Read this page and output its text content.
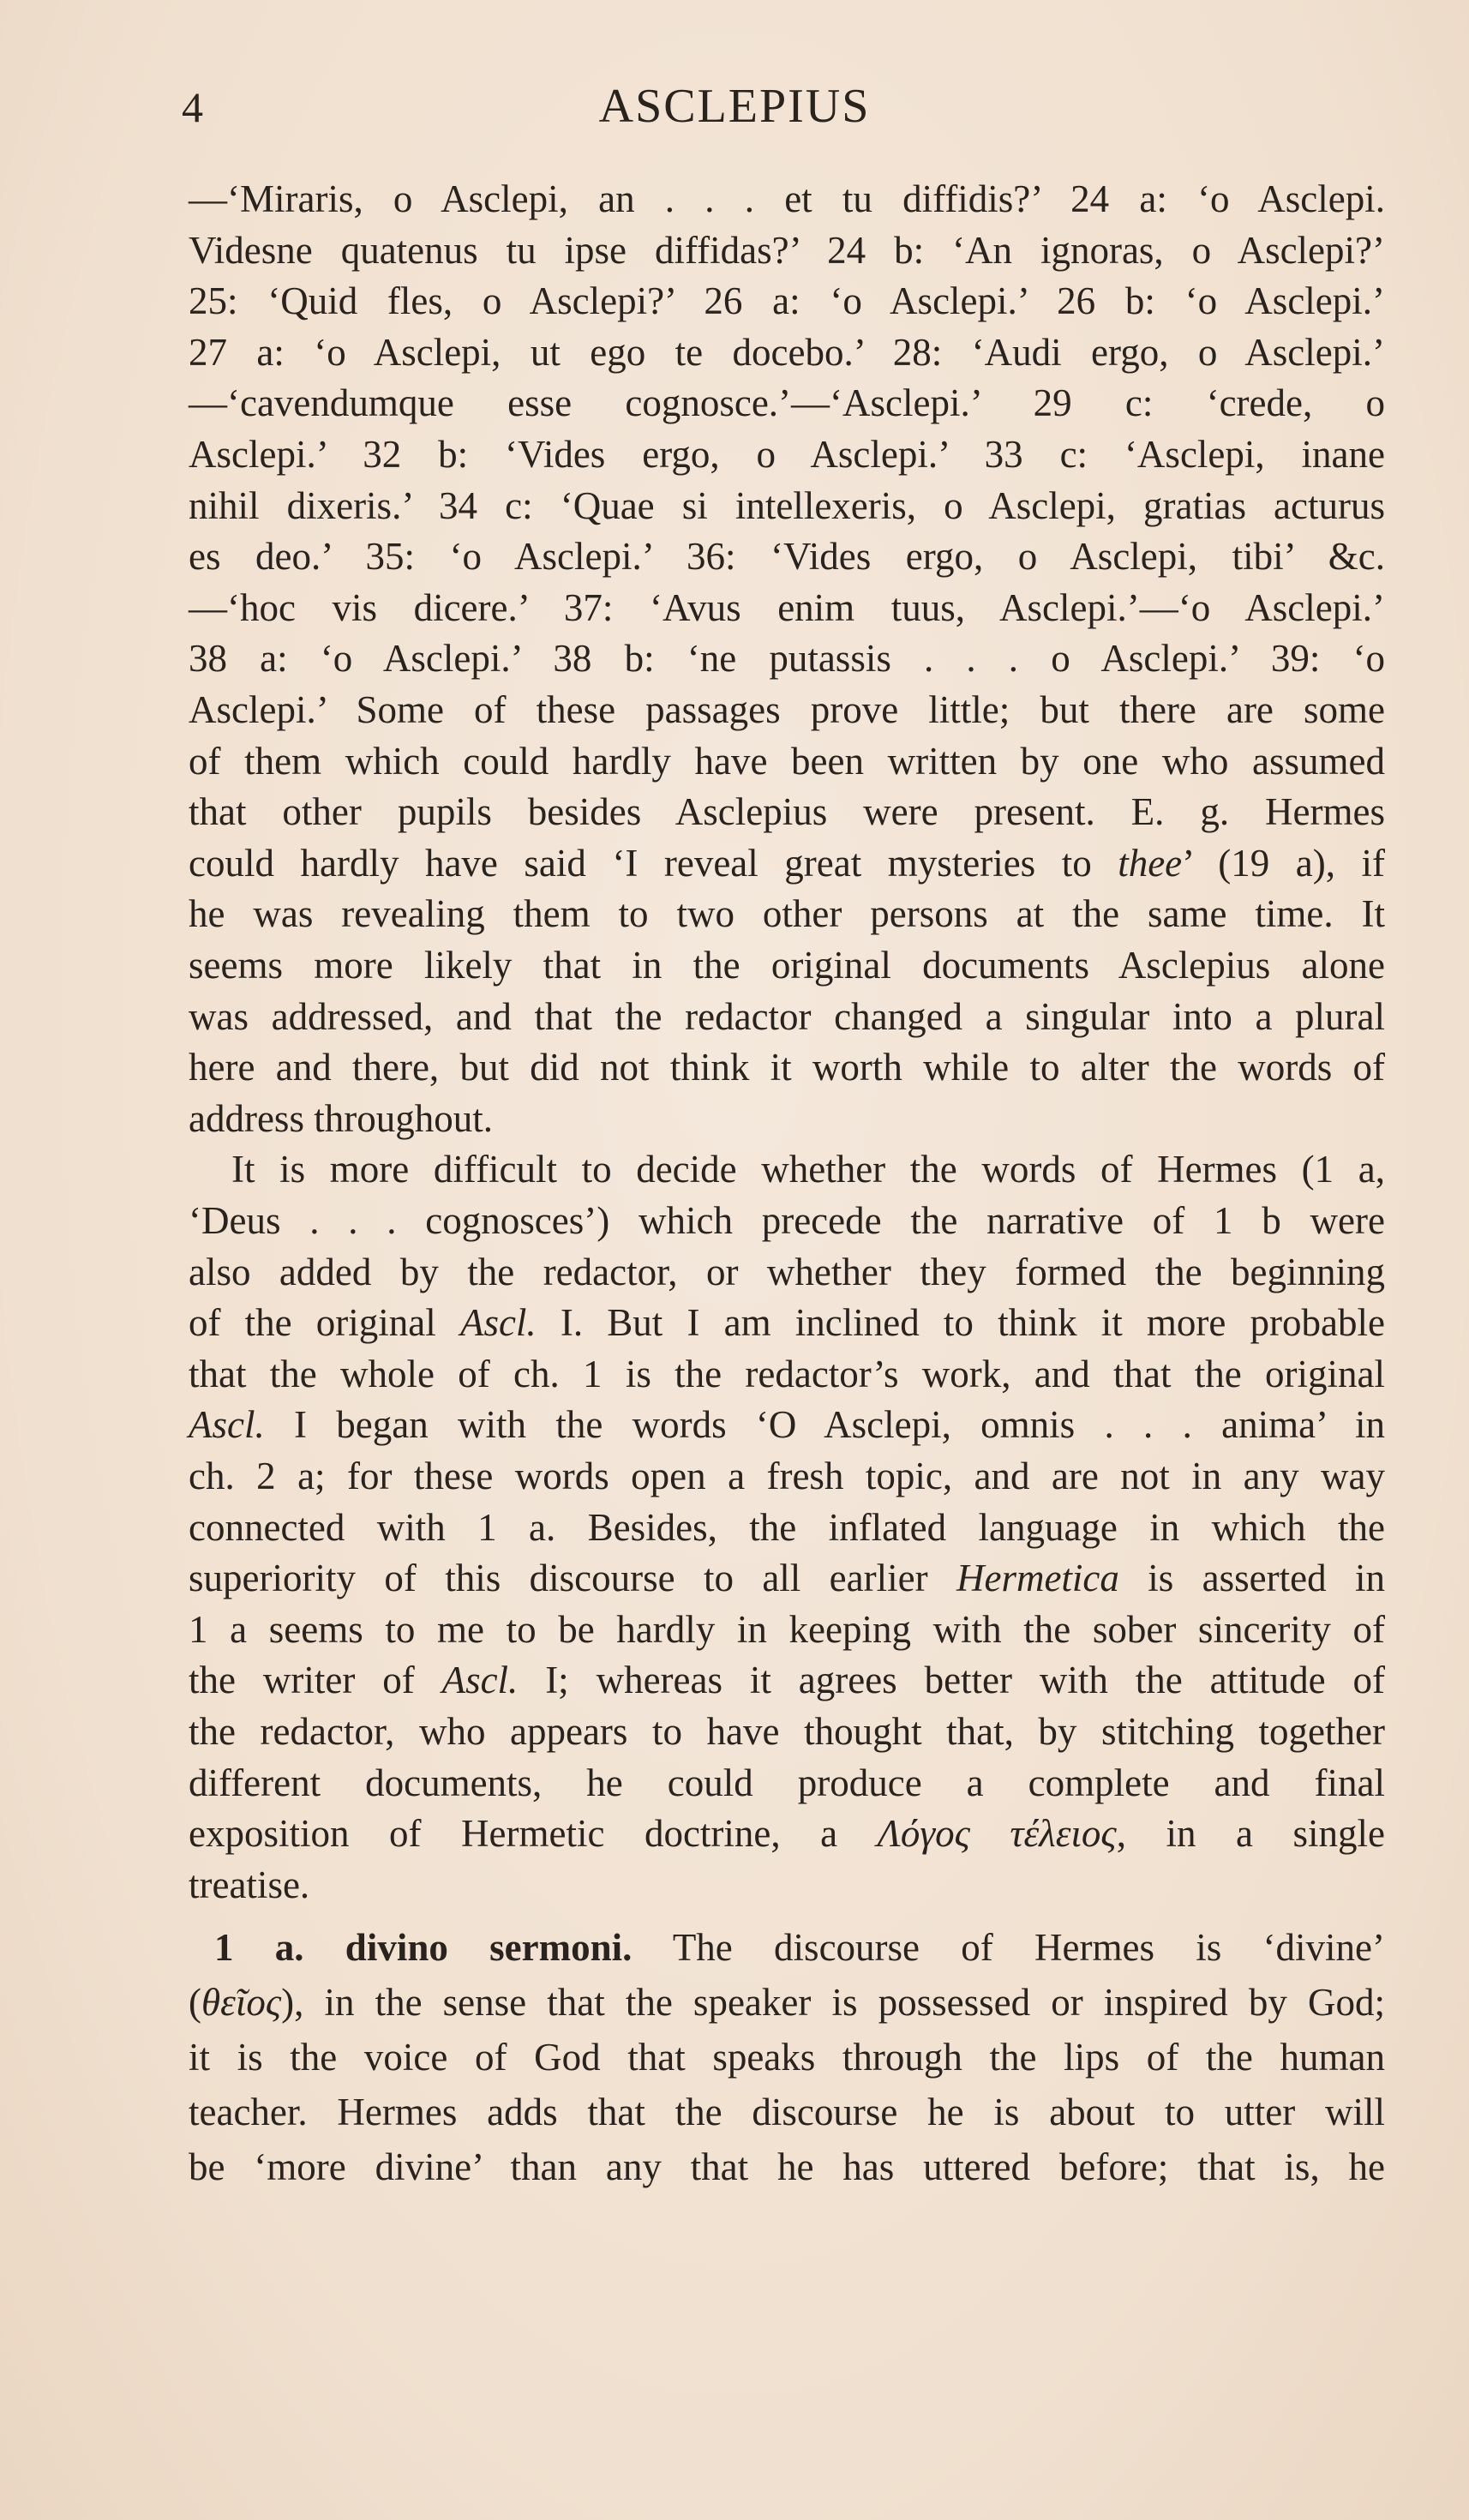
4	ASCLEPIUS
—‘Miraris, o Asclepi, an . . . et tu diffidis?’ 24 a: ‘o Asclepi.
Videsne quatenus tu ipse diffidas?’ 24 b: ‘An ignoras, o Asclepi?’
25: ‘Quid fles, o Asclepi?’ 26 a: ‘o Asclepi.’ 26 b: ‘o Asclepi.’
27 a: ‘o Asclepi, ut ego te docebo.’ 28: ‘Audi ergo, o Asclepi.’
—‘cavendumque esse cognosce.’—‘Asclepi.’ 29 c: ‘crede, o
Asclepi.’ 32 b: ‘Vides ergo, o Asclepi.’ 33 c: ‘Asclepi, inane
nihil dixeris.’ 34 c: ‘Quae si intellexeris, o Asclepi, gratias acturus
es deo.’ 35: ‘o Asclepi.’ 36: ‘Vides ergo, o Asclepi, tibi’ &c.
—‘hoc vis dicere.’ 37: ‘Avus enim tuus, Asclepi.’—‘o Asclepi.’
38 a: ‘o Asclepi.’ 38 b: ‘ne putassis . . . o Asclepi.’ 39: ‘o
Asclepi.’ Some of these passages prove little; but there are some
of them which could hardly have been written by one who assumed
that other pupils besides Asclepius were present. E. g. Hermes
could hardly have said ‘I reveal great mysteries to thee’ (19 a), if
he was revealing them to two other persons at the same time. It
seems more likely that in the original documents Asclepius alone
was addressed, and that the redactor changed a singular into a plural
here and there, but did not think it worth while to alter the words of
address throughout.
It is more difficult to decide whether the words of Hermes (1 a,
‘Deus . . . cognosces’) which precede the narrative of 1 b were
also added by the redactor, or whether they formed the beginning
of the original Ascl. I. But I am inclined to think it more probable
that the whole of ch. 1 is the redactor’s work, and that the original
Ascl. I began with the words ‘O Asclepi, omnis . . . anima’ in
ch. 2 a; for these words open a fresh topic, and are not in any way
connected with 1 a. Besides, the inflated language in which the
superiority of this discourse to all earlier Hermetica is asserted in
1 a seems to me to be hardly in keeping with the sober sincerity of
the writer of Ascl. I; whereas it agrees better with the attitude of
the redactor, who appears to have thought that, by stitching together
different documents, he could produce a complete and final
exposition of Hermetic doctrine, a Λόγος τέλειος, in a single
treatise.
1 a. divino sermoni. The discourse of Hermes is ‘divine’
(θεῖος), in the sense that the speaker is possessed or inspired by God;
it is the voice of God that speaks through the lips of the human
teacher. Hermes adds that the discourse he is about to utter will
be ‘more divine’ than any that he has uttered before; that is, he
